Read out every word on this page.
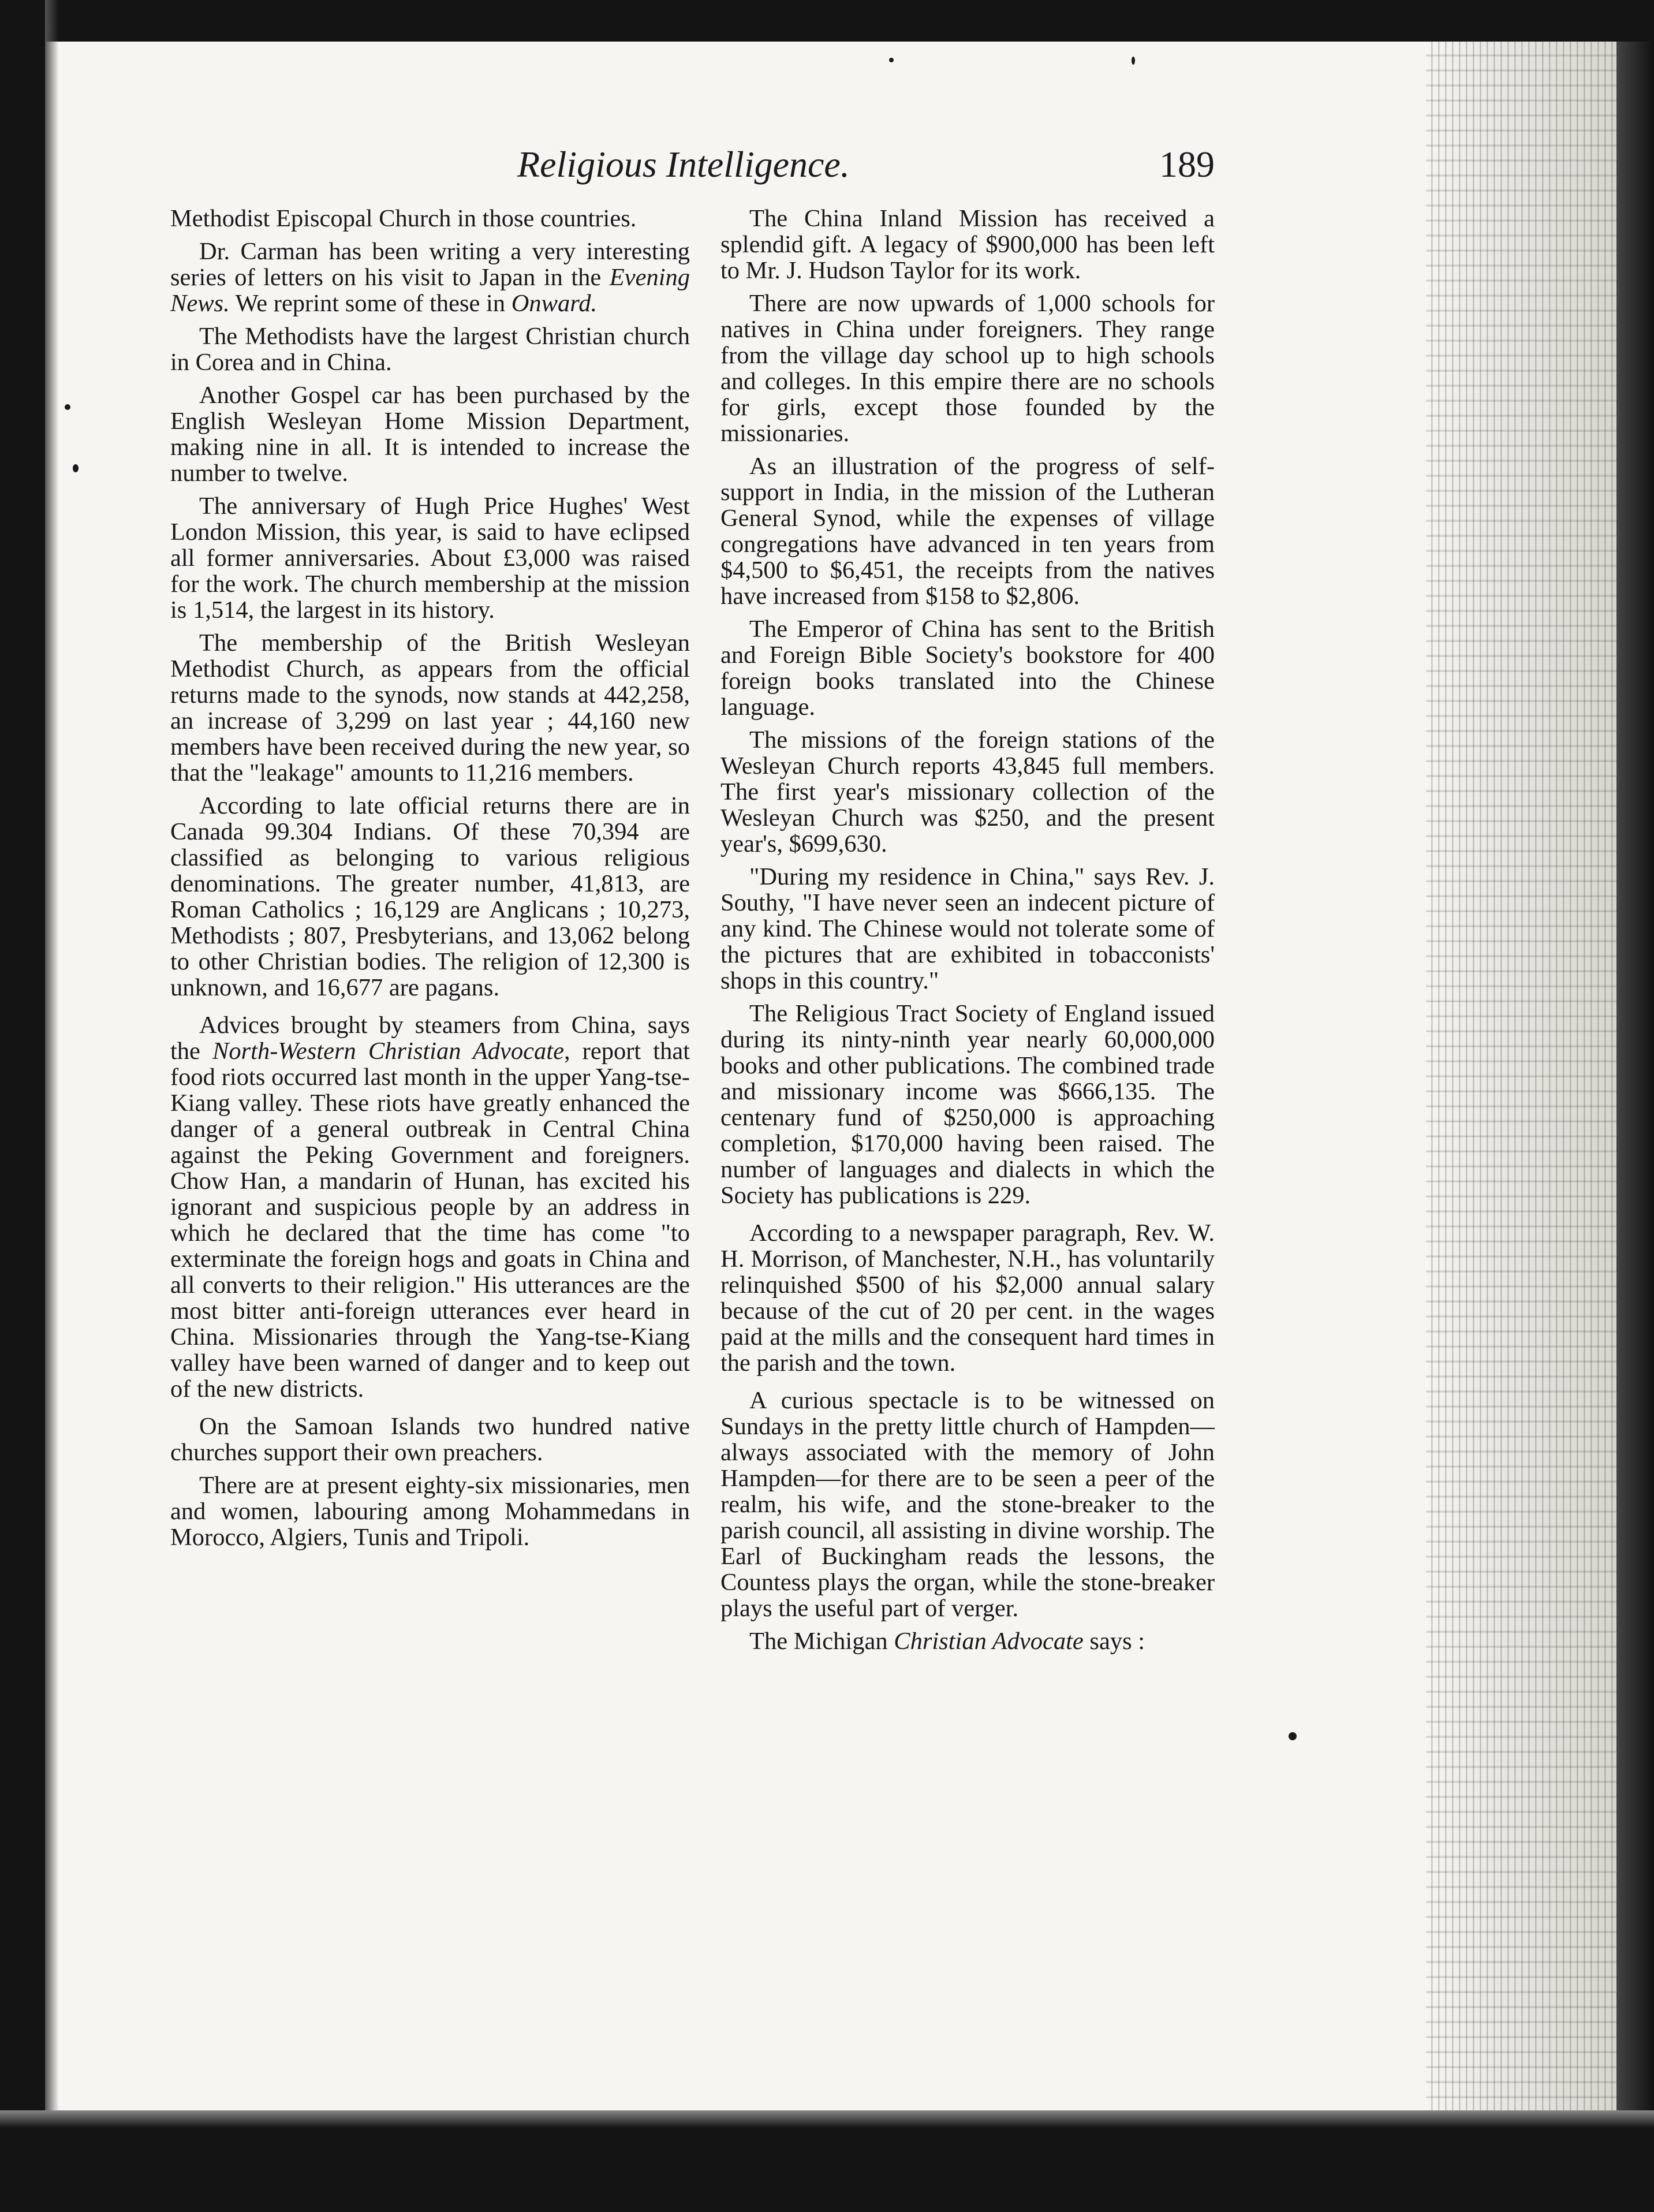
Religious Intelligence.	189

Methodist Episcopal Church in those countries.

Dr. Carman has been writing a very interesting series of letters on his visit to Japan in the Evening News. We reprint some of these in Onward.

The Methodists have the largest Christian church in Corea and in China.

Another Gospel car has been purchased by the English Wesleyan Home Mission Department, making nine in all. It is intended to increase the number to twelve.

The anniversary of Hugh Price Hughes' West London Mission, this year, is said to have eclipsed all former anniversaries. About £3,000 was raised for the work. The church membership at the mission is 1,514, the largest in its history.

The membership of the British Wesleyan Methodist Church, as appears from the official returns made to the synods, now stands at 442,258, an increase of 3,299 on last year ; 44,160 new members have been received during the new year, so that the "leakage" amounts to 11,216 members.

According to late official returns there are in Canada 99.304 Indians. Of these 70,394 are classified as belonging to various religious denominations. The greater number, 41,813, are Roman Catholics ; 16,129 are Anglicans ; 10,273, Methodists ; 807, Presbyterians, and 13,062 belong to other Christian bodies. The religion of 12,300 is unknown, and 16,677 are pagans.

Advices brought by steamers from China, says the North-Western Christian Advocate, report that food riots occurred last month in the upper Yang-tse-Kiang valley. These riots have greatly enhanced the danger of a general outbreak in Central China against the Peking Government and foreigners. Chow Han, a mandarin of Hunan, has excited his ignorant and suspicious people by an address in which he declared that the time has come "to exterminate the foreign hogs and goats in China and all converts to their religion." His utterances are the most bitter anti-foreign utterances ever heard in China. Missionaries through the Yang-tse-Kiang valley have been warned of danger and to keep out of the new districts.

On the Samoan Islands two hundred native churches support their own preachers.

There are at present eighty-six missionaries, men and women, labouring among Mohammedans in Morocco, Algiers, Tunis and Tripoli.

The China Inland Mission has received a splendid gift. A legacy of $900,000 has been left to Mr. J. Hudson Taylor for its work.

There are now upwards of 1,000 schools for natives in China under foreigners. They range from the village day school up to high schools and colleges. In this empire there are no schools for girls, except those founded by the missionaries.

As an illustration of the progress of self-support in India, in the mission of the Lutheran General Synod, while the expenses of village congregations have advanced in ten years from $4,500 to $6,451, the receipts from the natives have increased from $158 to $2,806.

The Emperor of China has sent to the British and Foreign Bible Society's bookstore for 400 foreign books translated into the Chinese language.

The missions of the foreign stations of the Wesleyan Church reports 43,845 full members. The first year's missionary collection of the Wesleyan Church was $250, and the present year's, $699,630.

"During my residence in China," says Rev. J. Southy, "I have never seen an indecent picture of any kind. The Chinese would not tolerate some of the pictures that are exhibited in tobacconists' shops in this country."

The Religious Tract Society of England issued during its ninty-ninth year nearly 60,000,000 books and other publications. The combined trade and missionary income was $666,135. The centenary fund of $250,000 is approaching completion, $170,000 having been raised. The number of languages and dialects in which the Society has publications is 229.

According to a newspaper paragraph, Rev. W. H. Morrison, of Manchester, N.H., has voluntarily relinquished $500 of his $2,000 annual salary because of the cut of 20 per cent. in the wages paid at the mills and the consequent hard times in the parish and the town.

A curious spectacle is to be witnessed on Sundays in the pretty little church of Hampden—always associated with the memory of John Hampden—for there are to be seen a peer of the realm, his wife, and the stone-breaker to the parish council, all assisting in divine worship. The Earl of Buckingham reads the lessons, the Countess plays the organ, while the stone-breaker plays the useful part of verger.

The Michigan Christian Advocate says :
